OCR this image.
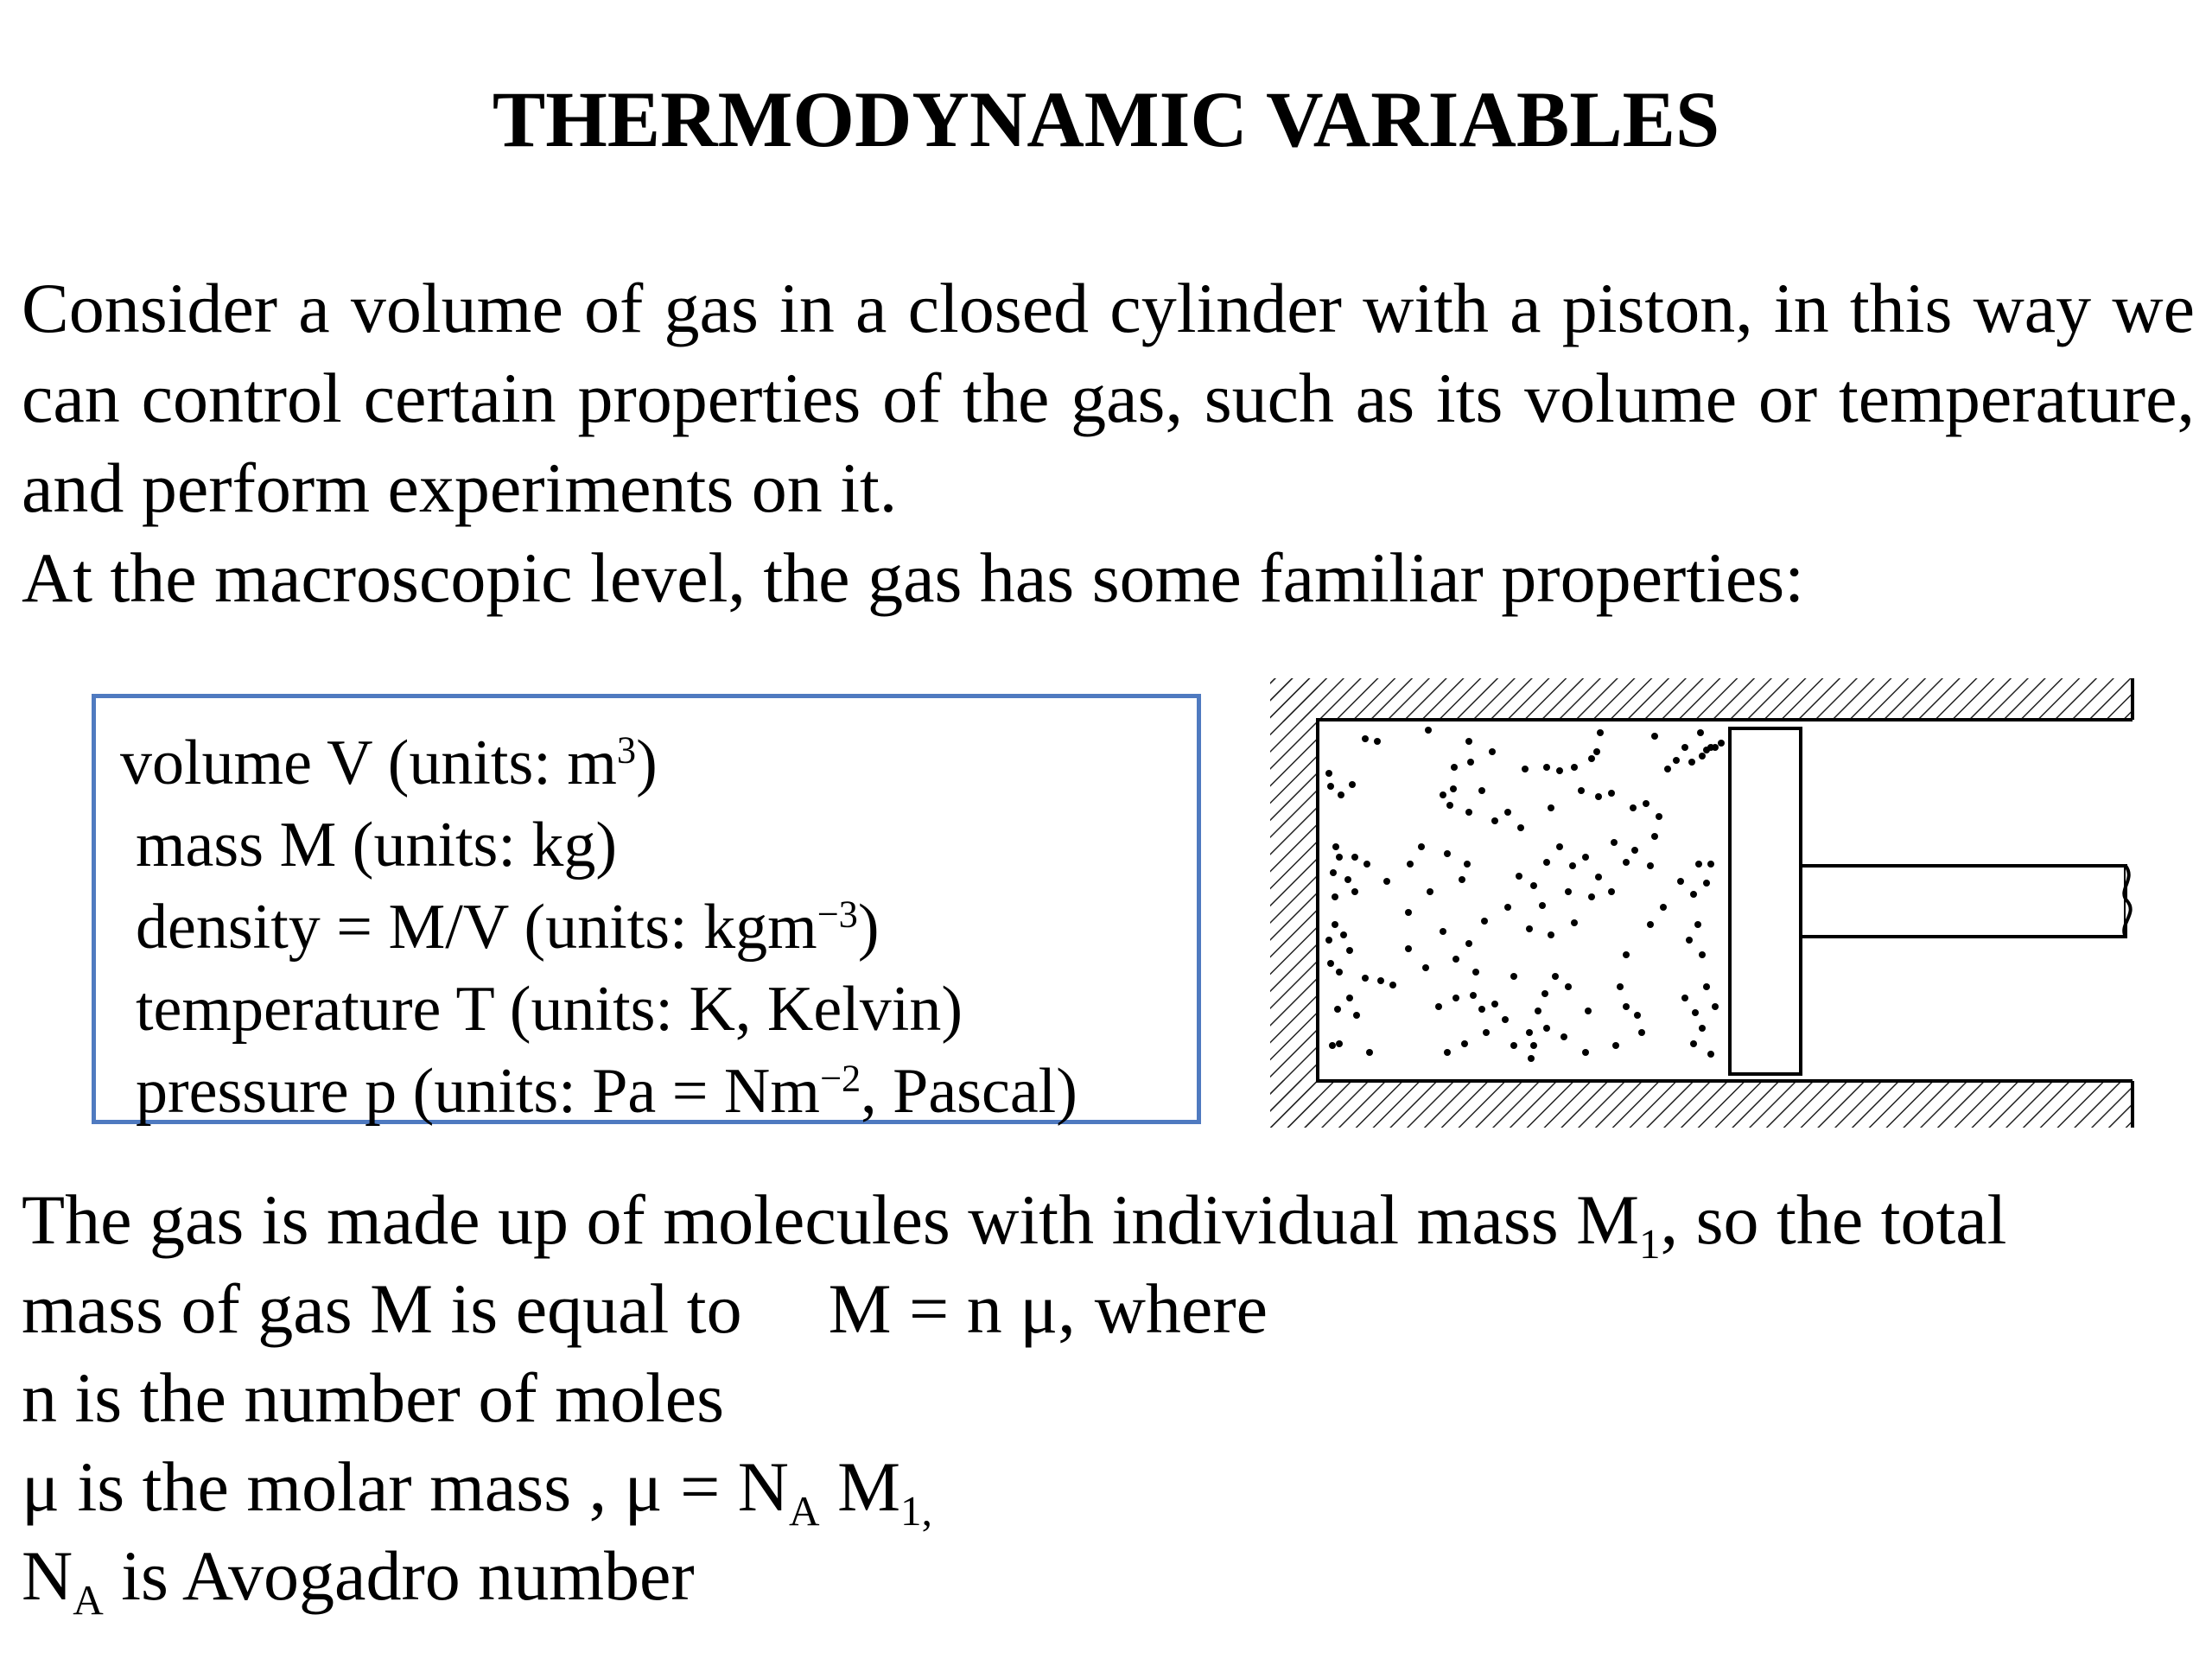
THERMODYNAMIC VARIABLES

Consider a volume of gas in a closed cylinder with a piston, in this way we can control certain properties of the gas, such as its volume or temperature, and perform experiments on it.

At the macroscopic level, the gas has some familiar properties:

volume V (units: $m^3$)
mass M (units: kg)
density = M/V (units: kgm$^{-3}$)
temperature T (units: K, Kelvin)
pressure p (units: $Pa = Nm^{-2}$, Pascal)

The gas is made up of molecules with individual mass $M_1$, so the total

mass of gas M is equal to M = n μ, where

n is the number of moles

μ is the molar mass , $\mu = N_A$ $M_{1,}$

$N_A$ is Avogadro number
